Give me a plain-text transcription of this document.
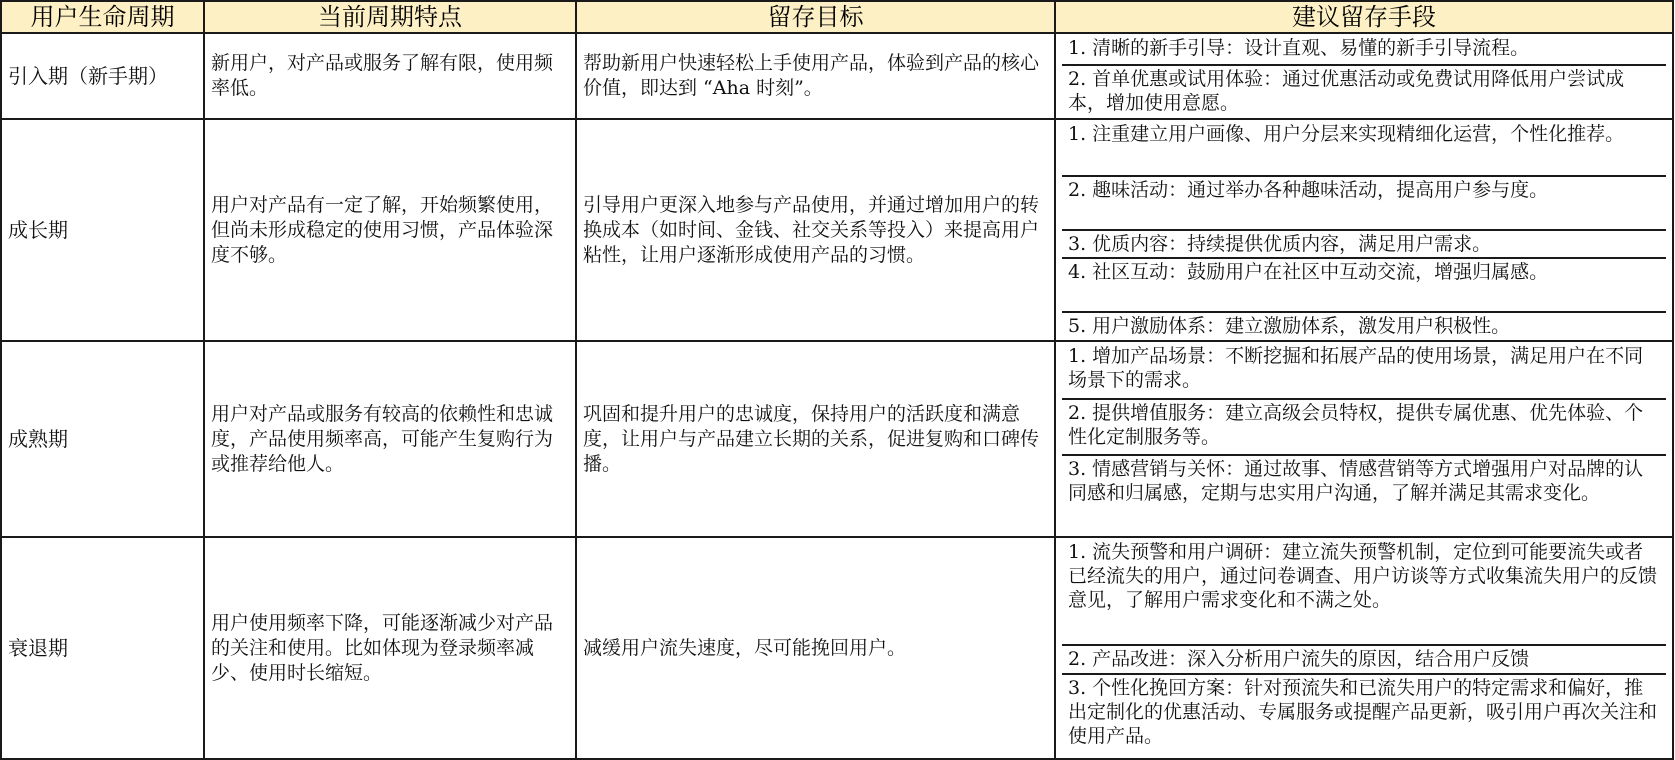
用户生命周期	当前周期特点	留存目标	建议留存手段
引入期（新手期）	新用户，对产品或服务了解有限，使用频率低。	帮助新用户快速轻松上手使用产品，体验到产品的核心价值，即达到 “Aha 时刻”。	1. 清晰的新手引导：设计直观、易懂的新手引导流程。
2. 首单优惠或试用体验：通过优惠活动或免费试用降低用户尝试成本，增加使用意愿。

成长期	用户对产品有一定了解，开始频繁使用，但尚未形成稳定的使用习惯，产品体验深度不够。	引导用户更深入地参与产品使用，并通过增加用户的转换成本（如时间、金钱、社交关系等投入）来提高用户粘性，让用户逐渐形成使用产品的习惯。	1. 注重建立用户画像、用户分层来实现精细化运营，个性化推荐。
2. 趣味活动：通过举办各种趣味活动，提高用户参与度。
3. 优质内容：持续提供优质内容，满足用户需求。
4. 社区互动：鼓励用户在社区中互动交流，增强归属感。
5. 用户激励体系：建立激励体系，激发用户积极性。

成熟期	用户对产品或服务有较高的依赖性和忠诚度，产品使用频率高，可能产生复购行为或推荐给他人。	巩固和提升用户的忠诚度，保持用户的活跃度和满意度，让用户与产品建立长期的关系，促进复购和口碑传播。	1. 增加产品场景：不断挖掘和拓展产品的使用场景，满足用户在不同场景下的需求。
2. 提供增值服务：建立高级会员特权，提供专属优惠、优先体验、个性化定制服务等。
3. 情感营销与关怀：通过故事、情感营销等方式增强用户对品牌的认同感和归属感，定期与忠实用户沟通，了解并满足其需求变化。

衰退期	用户使用频率下降，可能逐渐减少对产品的关注和使用。比如体现为登录频率减少、使用时长缩短。	减缓用户流失速度，尽可能挽回用户。	1. 流失预警和用户调研：建立流失预警机制，定位到可能要流失或者已经流失的用户，通过问卷调查、用户访谈等方式收集流失用户的反馈意见，了解用户需求变化和不满之处。
2. 产品改进：深入分析用户流失的原因，结合用户反馈
3. 个性化挽回方案：针对预流失和已流失用户的特定需求和偏好，推出定制化的优惠活动、专属服务或提醒产品更新，吸引用户再次关注和使用产品。
